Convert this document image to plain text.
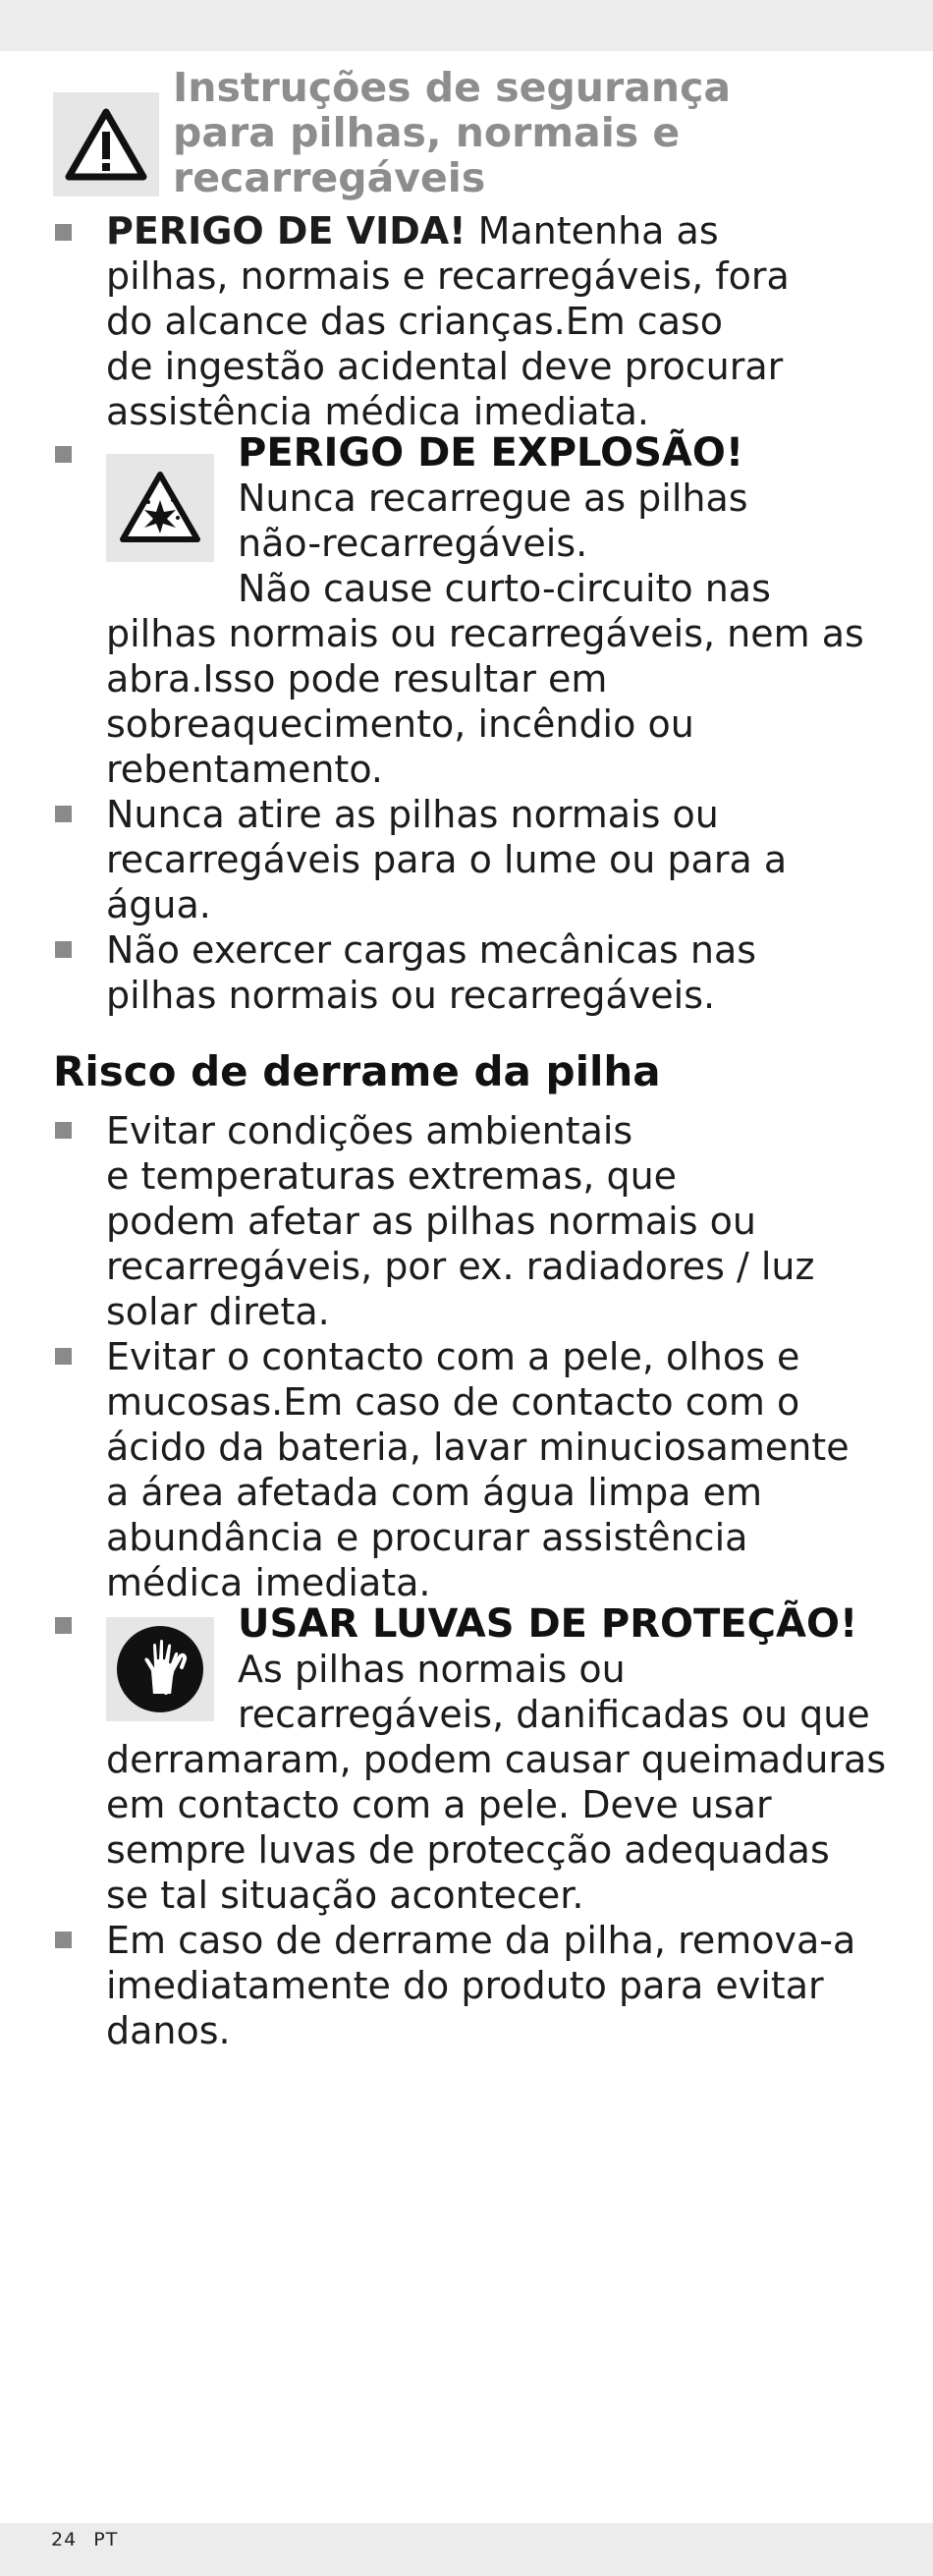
Instruções de segurança
para pilhas, normais e
recarregáveis
PERIGO DE VIDA! Mantenha as
pilhas, normais e recarregáveis, fora
do alcance das crianças.Em caso
de ingestão acidental deve procurar
assistência médica imediata.
PERIGO DE EXPLOSÃO!
Nunca recarregue as pilhas
não-recarregáveis.
Não cause curto-circuito nas
pilhas normais ou recarregáveis, nem as
abra.Isso pode resultar em
sobreaquecimento, incêndio ou
rebentamento.
Nunca atire as pilhas normais ou
recarregáveis para o lume ou para a
água.
Não exercer cargas mecânicas nas
pilhas normais ou recarregáveis.
Risco de derrame da pilha
Evitar condições ambientais
e temperaturas extremas, que
podem afetar as pilhas normais ou
recarregáveis, por ex. radiadores / luz
solar direta.
Evitar o contacto com a pele, olhos e
mucosas.Em caso de contacto com o
ácido da bateria, lavar minuciosamente
a área afetada com água limpa em
abundância e procurar assistência
médica imediata.
USAR LUVAS DE PROTEÇÃO!
As pilhas normais ou
recarregáveis, danificadas ou que
derramaram, podem causar queimaduras
em contacto com a pele. Deve usar
sempre luvas de protecção adequadas
se tal situação acontecer.
Em caso de derrame da pilha, remova-a
imediatamente do produto para evitar
danos.
24 PT
